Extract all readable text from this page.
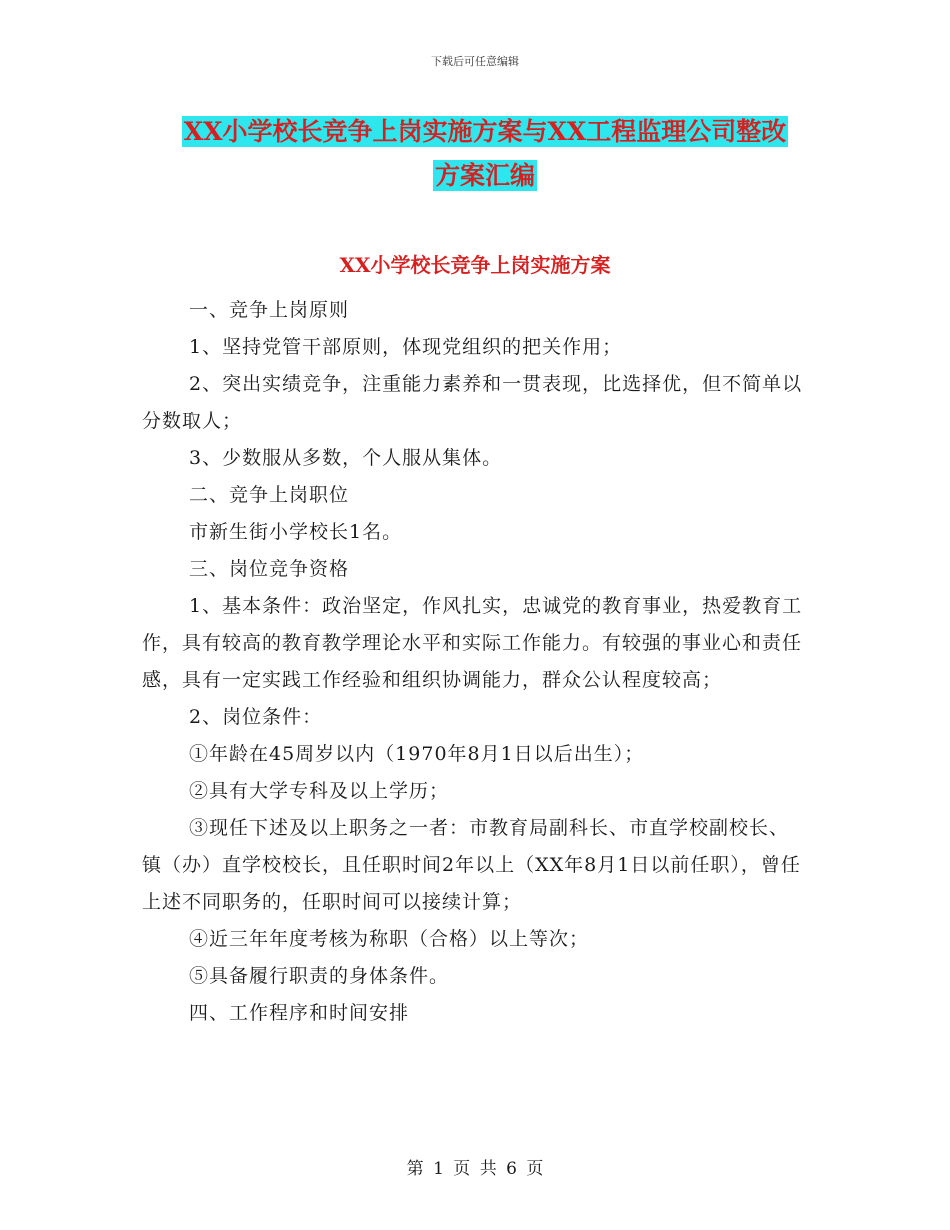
下载后可任意编辑
XX小学校长竞争上岗实施方案与XX工程监理公司整改
方案汇编
XX小学校长竞争上岗实施方案

一、竞争上岗原则

1、坚持党管干部原则，体现党组织的把关作用；

2、突出实绩竞争，注重能力素养和一贯表现，比选择优，但不简单以分数取人；

3、少数服从多数，个人服从集体。

二、竞争上岗职位

市新生街小学校长1名。

三、岗位竞争资格

1、基本条件：政治坚定，作风扎实，忠诚党的教育事业，热爱教育工作，具有较高的教育教学理论水平和实际工作能力。有较强的事业心和责任感，具有一定实践工作经验和组织协调能力，群众公认程度较高；

2、岗位条件：

①年龄在45周岁以内（1970年8月1日以后出生）；

②具有大学专科及以上学历；

③现任下述及以上职务之一者：市教育局副科长、市直学校副校长、镇（办）直学校校长，且任职时间2年以上（XX年8月1日以前任职），曾任上述不同职务的，任职时间可以接续计算；

④近三年年度考核为称职（合格）以上等次；

⑤具备履行职责的身体条件。

四、工作程序和时间安排

第 1 页 共 6 页
